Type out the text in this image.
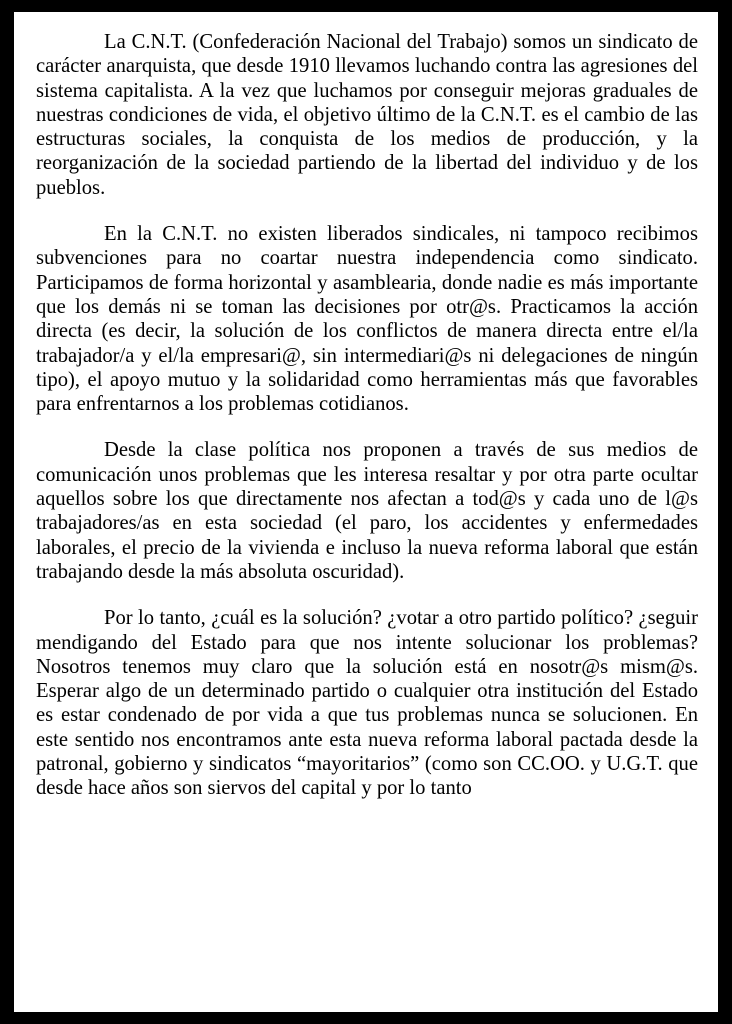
La C.N.T. (Confederación Nacional del Trabajo) somos un sindicato de carácter anarquista, que desde 1910 llevamos luchando contra las agresiones del sistema capitalista. A la vez que luchamos por conseguir mejoras graduales de nuestras condiciones de vida, el objetivo último de la C.N.T. es el cambio de las estructuras sociales, la conquista de los medios de producción, y la reorganización de la sociedad partiendo de la libertad del individuo y de los pueblos.

En la C.N.T. no existen liberados sindicales, ni tampoco recibimos subvenciones para no coartar nuestra independencia como sindicato. Participamos de forma horizontal y asamblearia, donde nadie es más importante que los demás ni se toman las decisiones por otr@s. Practicamos la acción directa (es decir, la solución de los conflictos de manera directa entre el/la trabajador/a y el/la empresari@, sin intermediari@s ni delegaciones de ningún tipo), el apoyo mutuo y la solidaridad como herramientas más que favorables para enfrentarnos a los problemas cotidianos.

Desde la clase política nos proponen a través de sus medios de comunicación unos problemas que les interesa resaltar y por otra parte ocultar aquellos sobre los que directamente nos afectan a tod@s y cada uno de l@s trabajadores/as en esta sociedad (el paro, los accidentes y enfermedades laborales, el precio de la vivienda e incluso la nueva reforma laboral que están trabajando desde la más absoluta oscuridad).

Por lo tanto, ¿cuál es la solución? ¿votar a otro partido político? ¿seguir mendigando del Estado para que nos intente solucionar los problemas? Nosotros tenemos muy claro que la solución está en nosotr@s mism@s. Esperar algo de un determinado partido o cualquier otra institución del Estado es estar condenado de por vida a que tus problemas nunca se solucionen. En este sentido nos encontramos ante esta nueva reforma laboral pactada desde la patronal, gobierno y sindicatos “mayoritarios” (como son CC.OO. y U.G.T. que desde hace años son siervos del capital y por lo tanto
